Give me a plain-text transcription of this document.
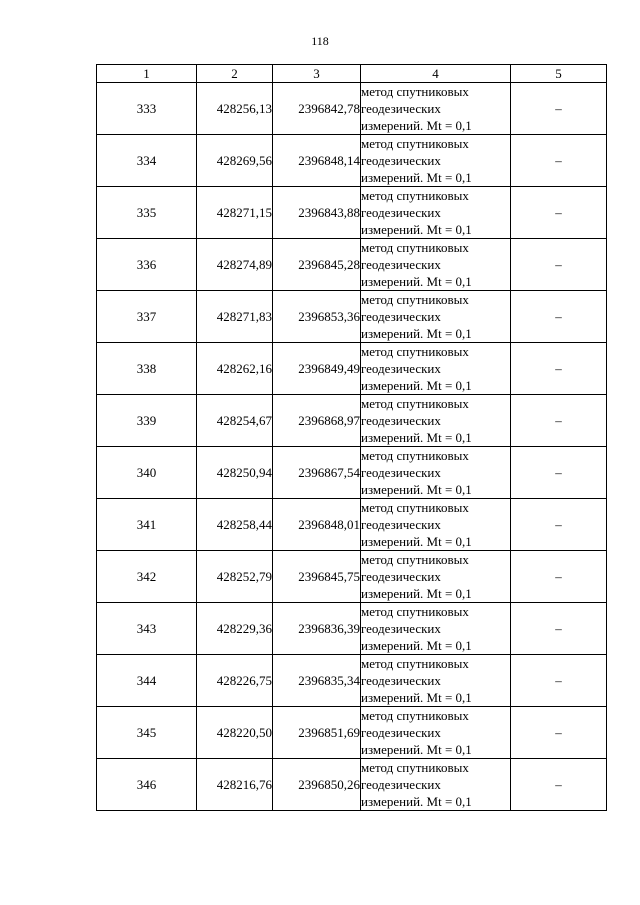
118
1	2	3	4	5
333	428256,13	2396842,78	метод спутниковых
геодезических
измерений. Mt = 0,1	–
334	428269,56	2396848,14	метод спутниковых
геодезических
измерений. Mt = 0,1	–
335	428271,15	2396843,88	метод спутниковых
геодезических
измерений. Mt = 0,1	–
336	428274,89	2396845,28	метод спутниковых
геодезических
измерений. Mt = 0,1	–
337	428271,83	2396853,36	метод спутниковых
геодезических
измерений. Mt = 0,1	–
338	428262,16	2396849,49	метод спутниковых
геодезических
измерений. Mt = 0,1	–
339	428254,67	2396868,97	метод спутниковых
геодезических
измерений. Mt = 0,1	–
340	428250,94	2396867,54	метод спутниковых
геодезических
измерений. Mt = 0,1	–
341	428258,44	2396848,01	метод спутниковых
геодезических
измерений. Mt = 0,1	–
342	428252,79	2396845,75	метод спутниковых
геодезических
измерений. Mt = 0,1	–
343	428229,36	2396836,39	метод спутниковых
геодезических
измерений. Mt = 0,1	–
344	428226,75	2396835,34	метод спутниковых
геодезических
измерений. Mt = 0,1	–
345	428220,50	2396851,69	метод спутниковых
геодезических
измерений. Mt = 0,1	–
346	428216,76	2396850,26	метод спутниковых
геодезических
измерений. Mt = 0,1	–
